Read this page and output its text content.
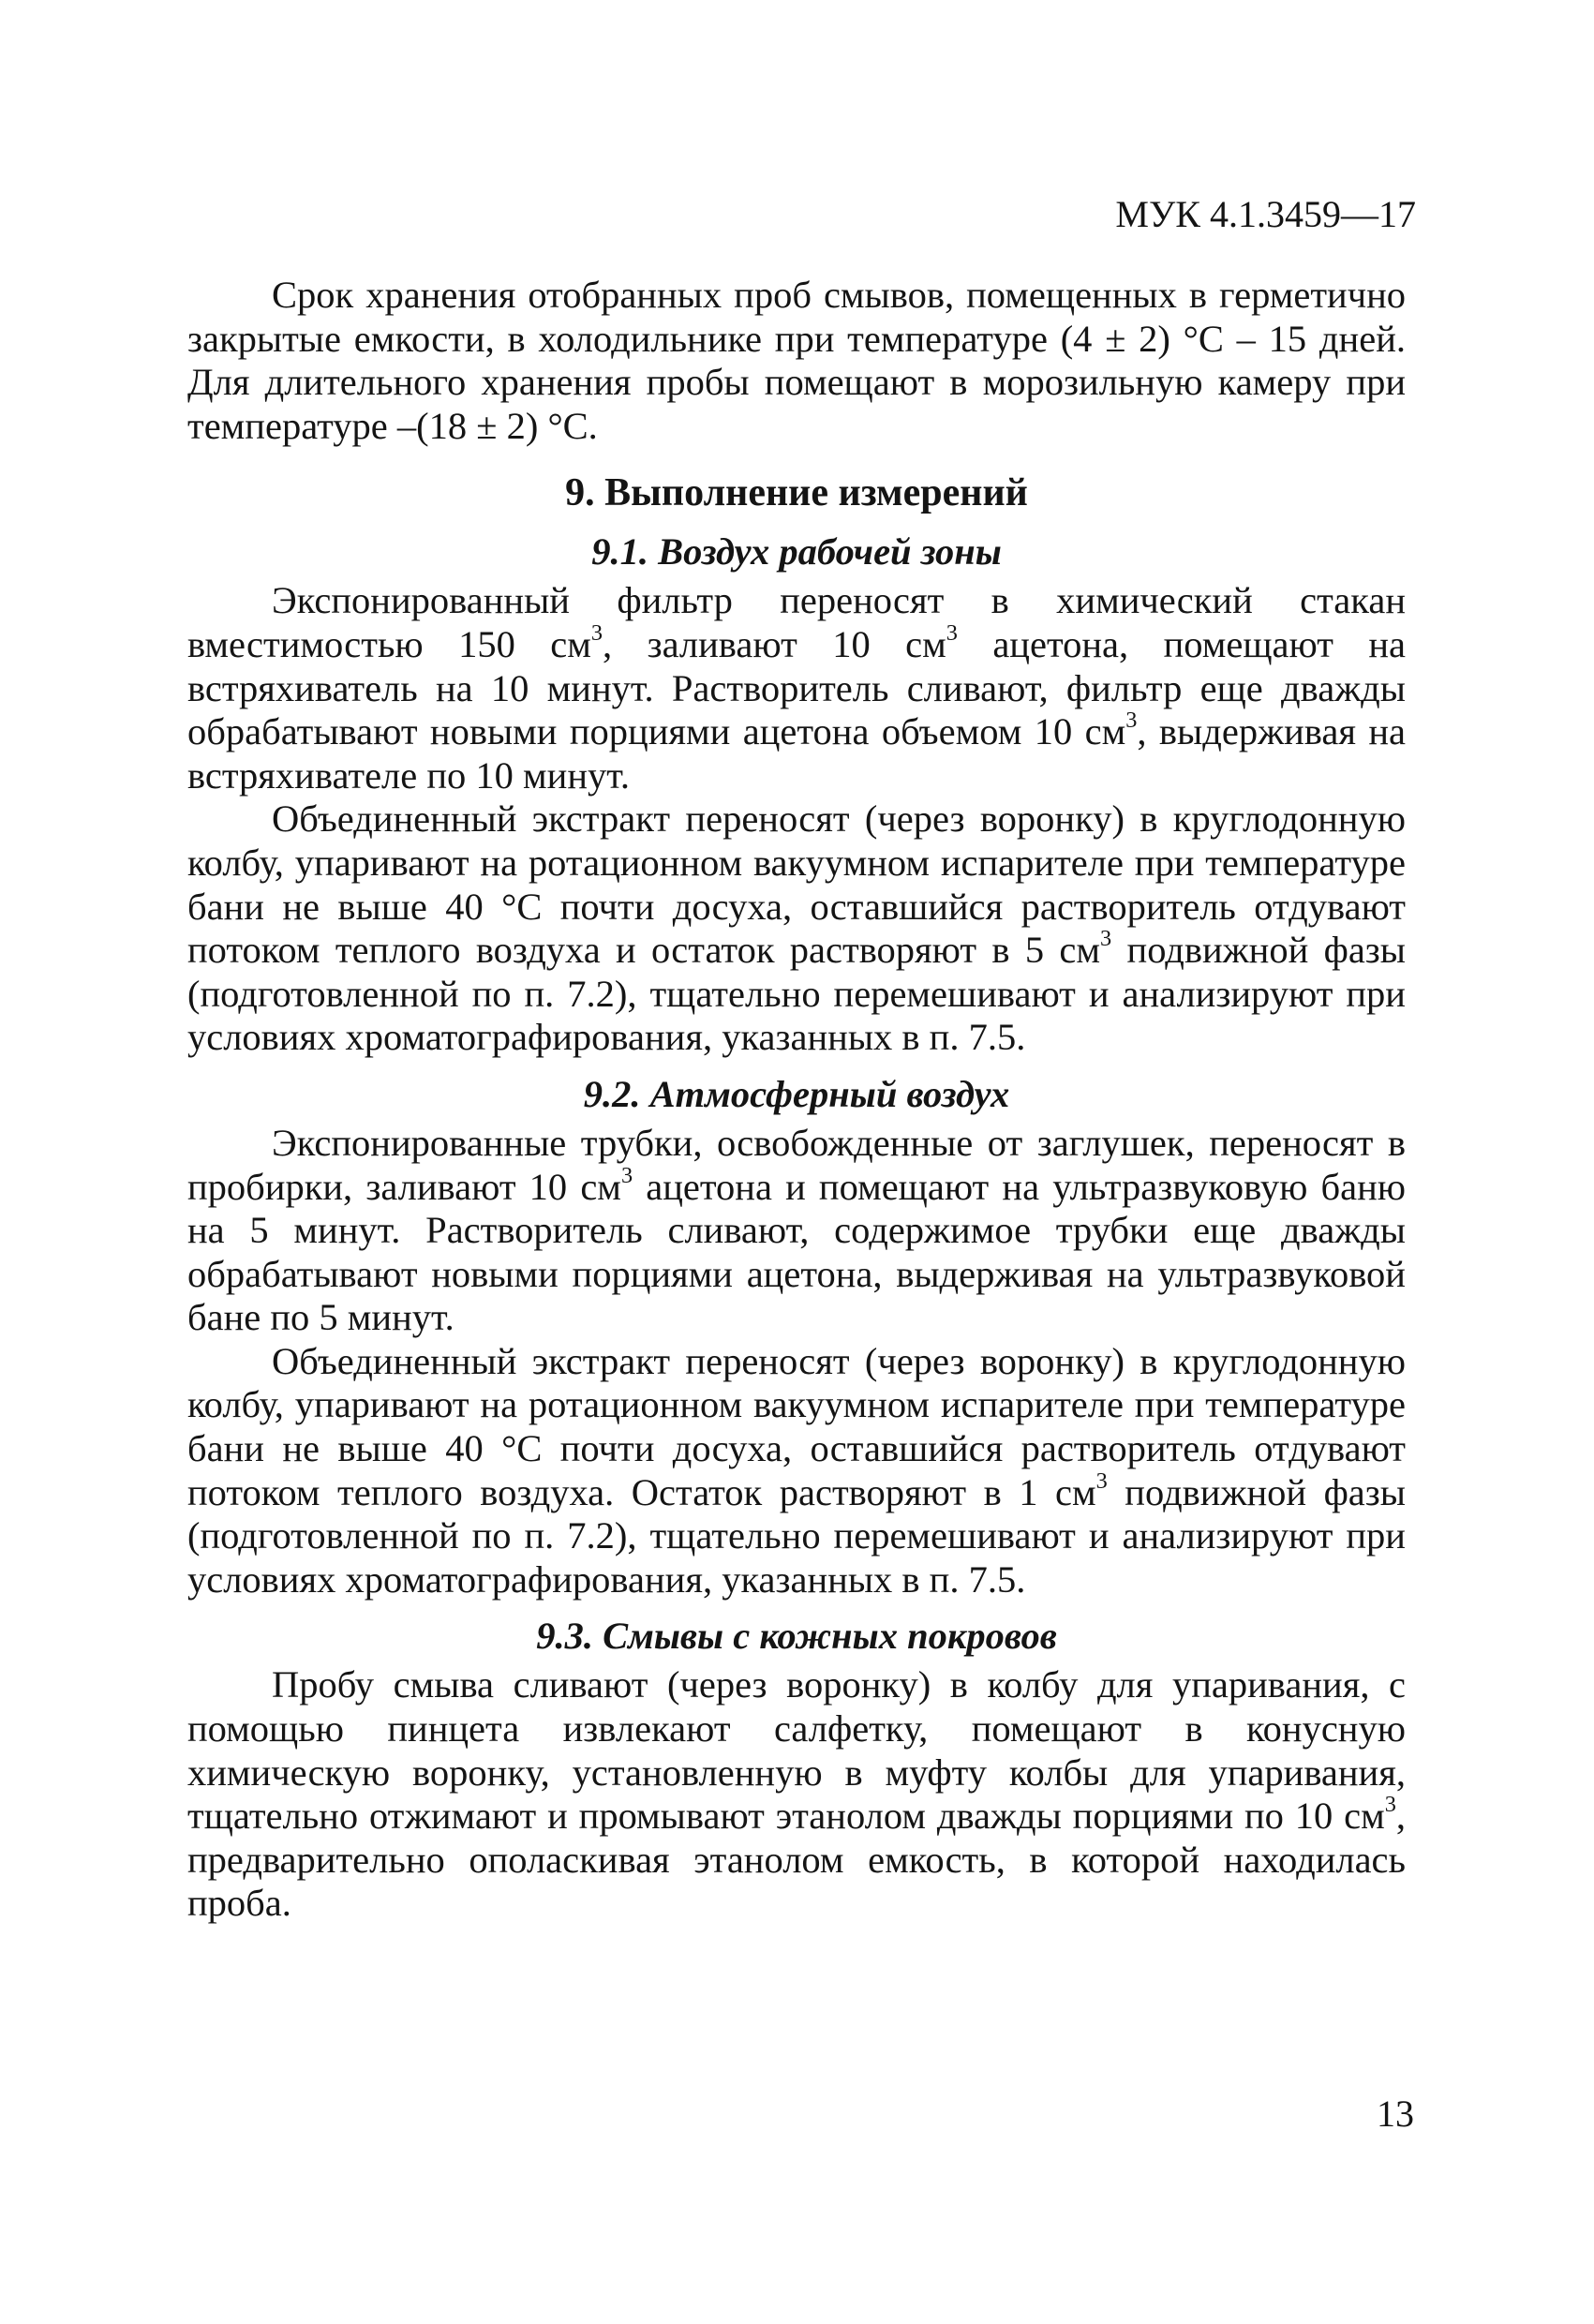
МУК 4.1.3459—17

Срок хранения отобранных проб смывов, помещенных в герметично закрытые емкости, в холодильнике при температуре (4 ± 2) °С – 15 дней. Для длительного хранения пробы помещают в морозильную камеру при температуре –(18 ± 2) °С.

9. Выполнение измерений
9.1. Воздух рабочей зоны

Экспонированный фильтр переносят в химический стакан вместимостью 150 $см^3$, заливают 10 $см^3$ ацетона, помещают на встряхиватель на 10 минут. Растворитель сливают, фильтр еще дважды обрабатывают новыми порциями ацетона объемом 10 $см^3$, выдерживая на встряхивателе по 10 минут.

Объединенный экстракт переносят (через воронку) в круглодонную колбу, упаривают на ротационном вакуумном испарителе при температуре бани не выше 40 °С почти досуха, оставшийся растворитель отдувают потоком теплого воздуха и остаток растворяют в 5 $см^3$ подвижной фазы (подготовленной по п. 7.2), тщательно перемешивают и анализируют при условиях хроматографирования, указанных в п. 7.5.

9.2. Атмосферный воздух

Экспонированные трубки, освобожденные от заглушек, переносят в пробирки, заливают 10 $см^3$ ацетона и помещают на ультразвуковую баню на 5 минут. Растворитель сливают, содержимое трубки еще дважды обрабатывают новыми порциями ацетона, выдерживая на ультразвуковой бане по 5 минут.

Объединенный экстракт переносят (через воронку) в круглодонную колбу, упаривают на ротационном вакуумном испарителе при температуре бани не выше 40 °С почти досуха, оставшийся растворитель отдувают потоком теплого воздуха. Остаток растворяют в 1 $см^3$ подвижной фазы (подготовленной по п. 7.2), тщательно перемешивают и анализируют при условиях хроматографирования, указанных в п. 7.5.

9.3. Смывы с кожных покровов

Пробу смыва сливают (через воронку) в колбу для упаривания, с помощью пинцета извлекают салфетку, помещают в конусную химическую воронку, установленную в муфту колбы для упаривания, тщательно отжимают и промывают этанолом дважды порциями по 10 $см^3$, предварительно ополаскивая этанолом емкость, в которой находилась проба.

13
